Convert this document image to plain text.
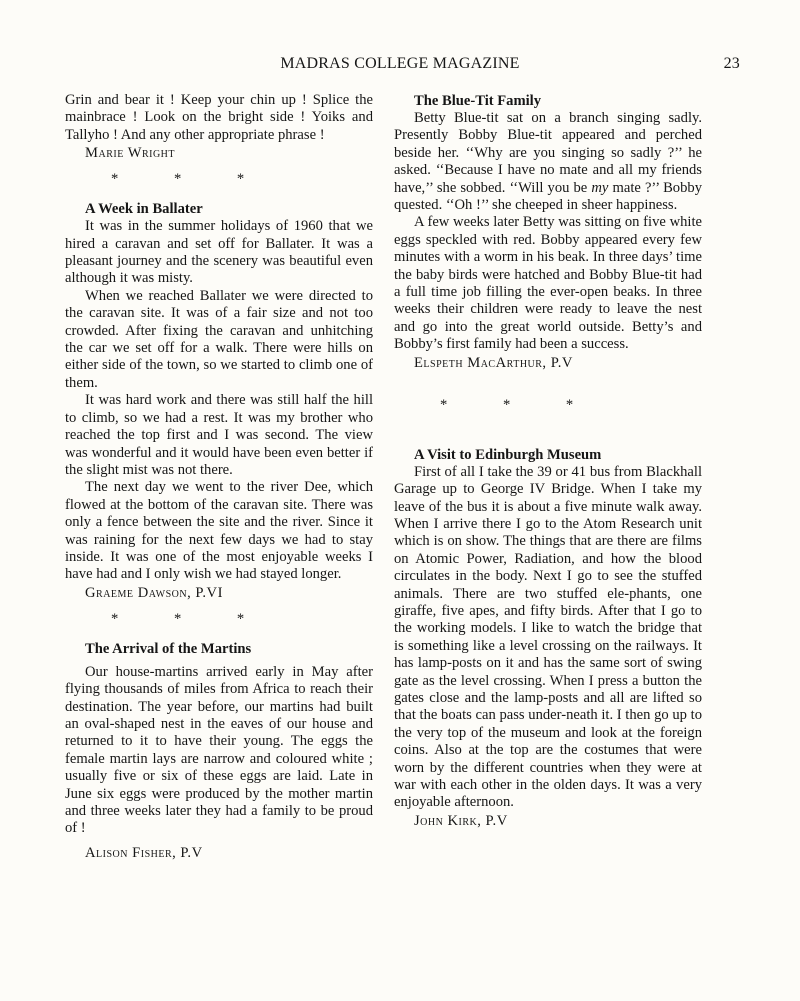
MADRAS COLLEGE MAGAZINE	23

Grin and bear it ! Keep your chin up ! Splice the mainbrace ! Look on the bright side ! Yoiks and Tallyho ! And any other appropriate phrase !

Marie Wright

* * *

A Week in Ballater

It was in the summer holidays of 1960 that we hired a caravan and set off for Ballater. It was a pleasant journey and the scenery was beautiful even although it was misty.

When we reached Ballater we were directed to the caravan site. It was of a fair size and not too crowded. After fixing the caravan and unhitching the car we set off for a walk. There were hills on either side of the town, so we started to climb one of them.

It was hard work and there was still half the hill to climb, so we had a rest. It was my brother who reached the top first and I was second. The view was wonderful and it would have been even better if the slight mist was not there.

The next day we went to the river Dee, which flowed at the bottom of the caravan site. There was only a fence between the site and the river. Since it was raining for the next few days we had to stay inside. It was one of the most enjoyable weeks I have had and I only wish we had stayed longer.

Graeme Dawson, P.VI

* * *

The Arrival of the Martins

Our house-martins arrived early in May after flying thousands of miles from Africa to reach their destination. The year before, our martins had built an oval-shaped nest in the eaves of our house and returned to it to have their young. The eggs the female martin lays are narrow and coloured white ; usually five or six of these eggs are laid. Late in June six eggs were produced by the mother martin and three weeks later they had a family to be proud of !

Alison Fisher, P.V

The Blue-Tit Family

Betty Blue-tit sat on a branch singing sadly. Presently Bobby Blue-tit appeared and perched beside her. ‘‘Why are you singing so sadly ?’’ he asked. ‘‘Because I have no mate and all my friends have,’’ she sobbed. ‘‘Will you be my mate ?’’ Bobby quested. ‘‘Oh !’’ she cheeped in sheer happiness.

A few weeks later Betty was sitting on five white eggs speckled with red. Bobby appeared every few minutes with a worm in his beak. In three days’ time the baby birds were hatched and Bobby Blue-tit had a full time job filling the ever-open beaks. In three weeks their children were ready to leave the nest and go into the great world outside. Betty’s and Bobby’s first family had been a success.

Elspeth MacArthur, P.V

* * *

A Visit to Edinburgh Museum

First of all I take the 39 or 41 bus from Blackhall Garage up to George IV Bridge. When I take my leave of the bus it is about a five minute walk away. When I arrive there I go to the Atom Research unit which is on show. The things that are there are films on Atomic Power, Radiation, and how the blood circulates in the body. Next I go to see the stuffed animals. There are two stuffed ele-phants, one giraffe, five apes, and fifty birds. After that I go to the working models. I like to watch the bridge that is something like a level crossing on the railways. It has lamp-posts on it and has the same sort of swing gate as the level crossing. When I press a button the gates close and the lamp-posts and all are lifted so that the boats can pass under-neath it. I then go up to the very top of the museum and look at the foreign coins. Also at the top are the costumes that were worn by the different countries when they were at war with each other in the olden days. It was a very enjoyable afternoon.

John Kirk, P.V
